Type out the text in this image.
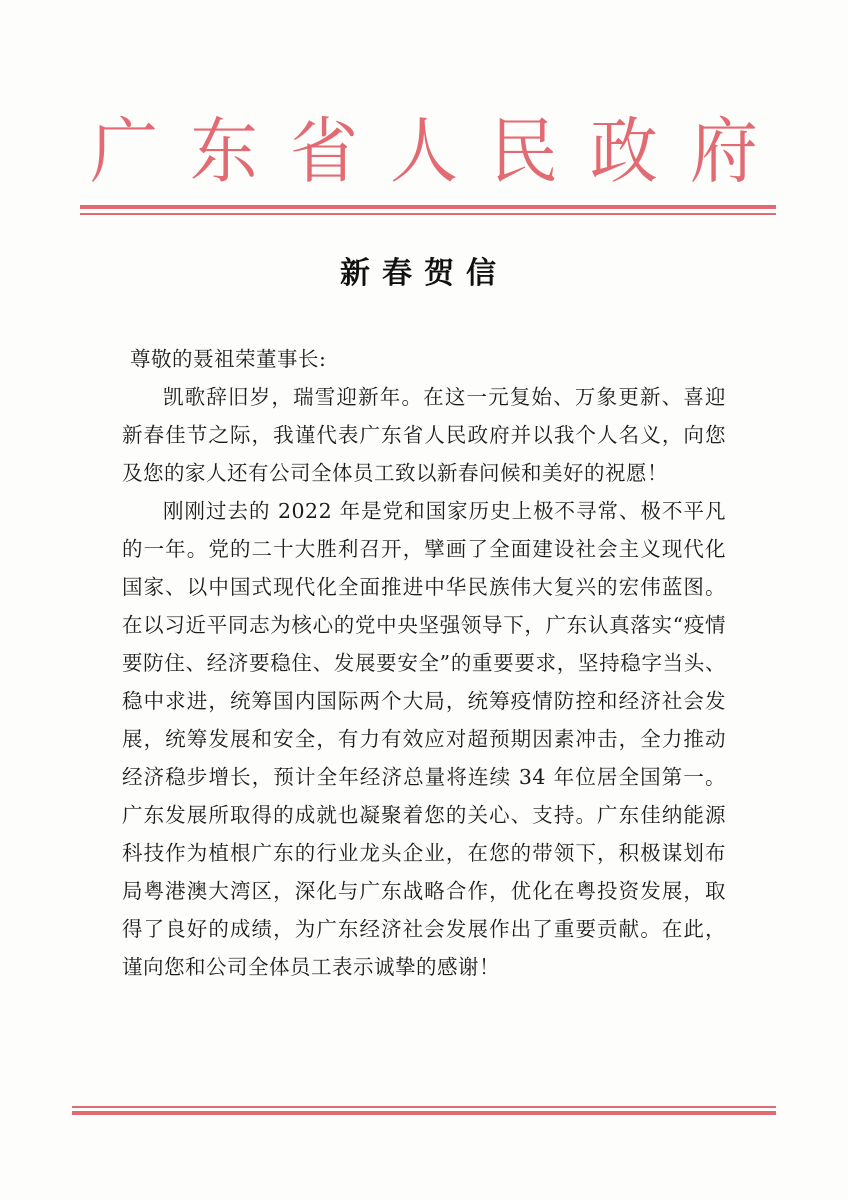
广 东 省 人 民 政 府
新春贺信

尊敬的聂祖荣董事长:

凯歌辞旧岁，瑞雪迎新年。在这一元复始、万象更新、喜迎新春佳节之际，我谨代表广东省人民政府并以我个人名义，向您及您的家人还有公司全体员工致以新春问候和美好的祝愿！

刚刚过去的 2022 年是党和国家历史上极不寻常、极不平凡的一年。党的二十大胜利召开，擘画了全面建设社会主义现代化国家、以中国式现代化全面推进中华民族伟大复兴的宏伟蓝图。在以习近平同志为核心的党中央坚强领导下，广东认真落实“疫情要防住、经济要稳住、发展要安全”的重要要求，坚持稳字当头、稳中求进，统筹国内国际两个大局，统筹疫情防控和经济社会发展，统筹发展和安全，有力有效应对超预期因素冲击，全力推动经济稳步增长，预计全年经济总量将连续 34 年位居全国第一。广东发展所取得的成就也凝聚着您的关心、支持。广东佳纳能源科技作为植根广东的行业龙头企业，在您的带领下，积极谋划布局粤港澳大湾区，深化与广东战略合作，优化在粤投资发展，取得了良好的成绩，为广东经济社会发展作出了重要贡献。在此，谨向您和公司全体员工表示诚挚的感谢！
